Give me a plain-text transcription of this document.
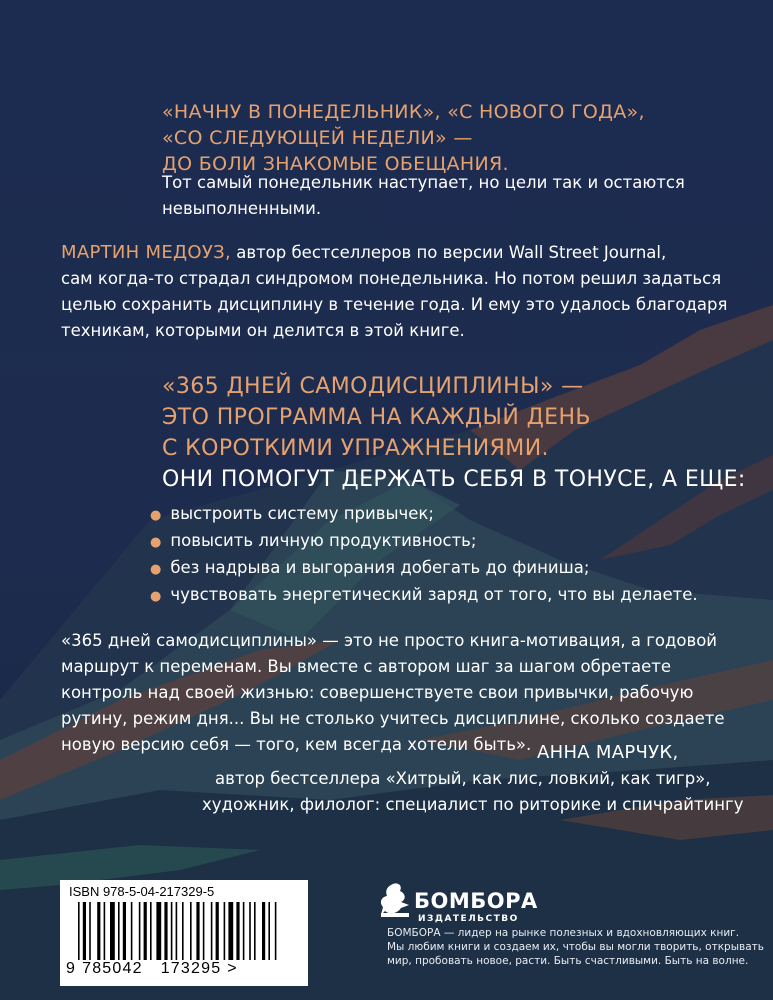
«НАЧНУ В ПОНЕДЕЛЬНИК», «С НОВОГО ГОДА»,
«СО СЛЕДУЮЩЕЙ НЕДЕЛИ» —
ДО БОЛИ ЗНАКОМЫЕ ОБЕЩАНИЯ.
Тот самый понедельник наступает, но цели так и остаются
невыполненными.
МАРТИН МЕДОУЗ, автор бестселлеров по версии Wall Street Journal,
сам когда-то страдал синдромом понедельника. Но потом решил задаться
целью сохранить дисциплину в течение года. И ему это удалось благодаря
техникам, которыми он делится в этой книге.
«365 ДНЕЙ САМОДИСЦИПЛИНЫ» —
ЭТО ПРОГРАММА НА КАЖДЫЙ ДЕНЬ
С КОРОТКИМИ УПРАЖНЕНИЯМИ.
ОНИ ПОМОГУТ ДЕРЖАТЬ СЕБЯ В ТОНУСЕ, А ЕЩЕ:
● выстроить систему привычек;
● повысить личную продуктивность;
● без надрыва и выгорания добегать до финиша;
● чувствовать энергетический заряд от того, что вы делаете.
«365 дней самодисциплины» — это не просто книга-мотивация, а годовой
маршрут к переменам. Вы вместе с автором шаг за шагом обретаете
контроль над своей жизнью: совершенствуете свои привычки, рабочую
рутину, режим дня... Вы не столько учитесь дисциплине, сколько создаете
новую версию себя — того, кем всегда хотели быть». АННА МАРЧУК,
автор бестселлера «Хитрый, как лис, ловкий, как тигр»,
художник, филолог: специалист по риторике и спичрайтингу
ISBN 978-5-04-217329-5
9 785042 173295 >
БОМБОРА
ИЗДАТЕЛЬСТВО
БОМБОРА — лидер на рынке полезных и вдохновляющих книг.
Мы любим книги и создаем их, чтобы вы могли творить, открывать
мир, пробовать новое, расти. Быть счастливыми. Быть на волне.
